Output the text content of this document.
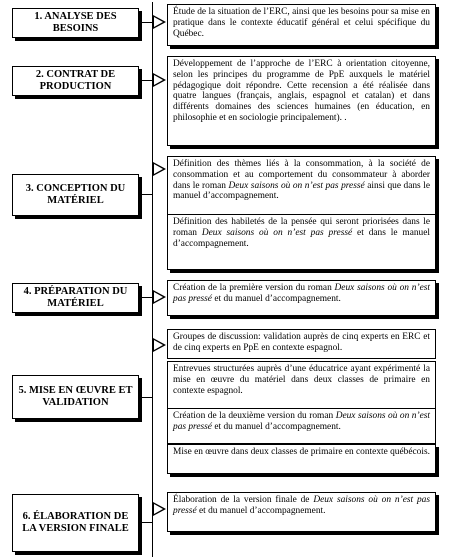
1. ANALYSE DES BESOINS
Étude de la situation de l’ERC, ainsi que les besoins pour sa mise en pratique dans le contexte éducatif général et celui spécifique du Québec.
2. CONTRAT DE PRODUCTION
Développement de l’approche de l’ERC à orientation citoyenne, selon les principes du programme de PpE auxquels le matériel pédagogique doit répondre. Cette recension a été réalisée dans quatre langues (français, anglais, espagnol et catalan) et dans différents domaines des sciences humaines (en éducation, en philosophie et en sociologie principalement). .
3. CONCEPTION DU MATÉRIEL
Définition des thèmes liés à la consommation, à la société de consommation et au comportement du consommateur à aborder dans le roman Deux saisons où on n’est pas pressé ainsi que dans le manuel d’accompagnement.
Définition des habiletés de la pensée qui seront priorisées dans le roman Deux saisons où on n’est pas pressé et dans le manuel d’accompagnement.
4. PRÉPARATION DU MATÉRIEL
Création de la première version du roman Deux saisons où on n’est pas pressé et du manuel d’accompagnement.
5. MISE EN ŒUVRE ET VALIDATION
Groupes de discussion: validation auprès de cinq experts en ERC et de cinq experts en PpE en contexte espagnol.
Entrevues structurées auprès d’une éducatrice ayant expérimenté la mise en œuvre du matériel dans deux classes de primaire en contexte espagnol.
Création de la deuxième version du roman Deux saisons où on n’est pas pressé et du manuel d’accompagnement.
Mise en œuvre dans deux classes de primaire en contexte québécois.
6. ÉLABORATION DE LA VERSION FINALE
Élaboration de la version finale de Deux saisons où on n’est pas pressé et du manuel d’accompagnement.
